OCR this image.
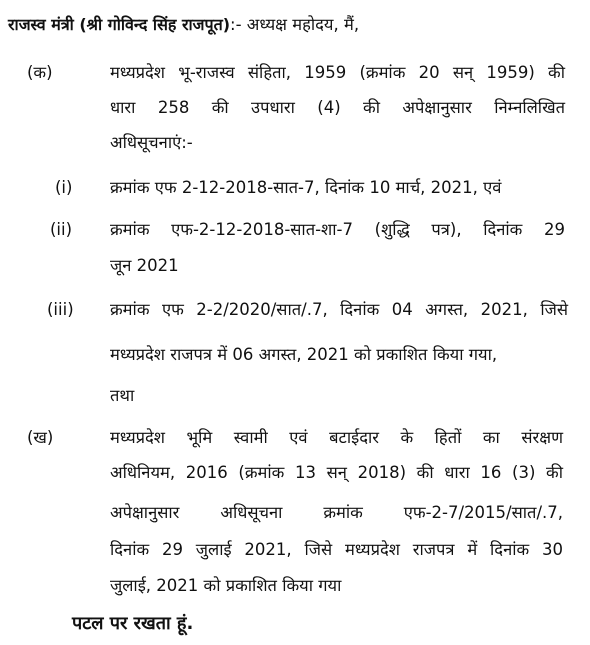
राजस्व मंत्री (श्री गोविन्द सिंह राजपूत):- अध्यक्ष महोदय, मैं,
(क)	मध्यप्रदेश भू-राजस्व संहिता, 1959 (क्रमांक 20 सन् 1959) की
धारा 258 की उपधारा (4) की अपेक्षानुसार निम्नलिखित
अधिसूचनाएं:-
(i) क्रमांक एफ 2-12-2018-सात-7, दिनांक 10 मार्च, 2021, एवं
(ii) क्रमांक एफ-2-12-2018-सात-शा-7 (शुद्धि पत्र), दिनांक 29
जून 2021
(iii) क्रमांक एफ 2-2/2020/सात/.7, दिनांक 04 अगस्त, 2021, जिसे
मध्यप्रदेश राजपत्र में 06 अगस्त, 2021 को प्रकाशित किया गया,
तथा
(ख)	मध्यप्रदेश भूमि स्वामी एवं बटाईदार के हितों का संरक्षण
अधिनियम, 2016 (क्रमांक 13 सन् 2018) की धारा 16 (3) की
अपेक्षानुसार अधिसूचना क्रमांक एफ-2-7/2015/सात/.7,
दिनांक 29 जुलाई 2021, जिसे मध्यप्रदेश राजपत्र में दिनांक 30
जुलाई, 2021 को प्रकाशित किया गया
पटल पर रखता हूं.
